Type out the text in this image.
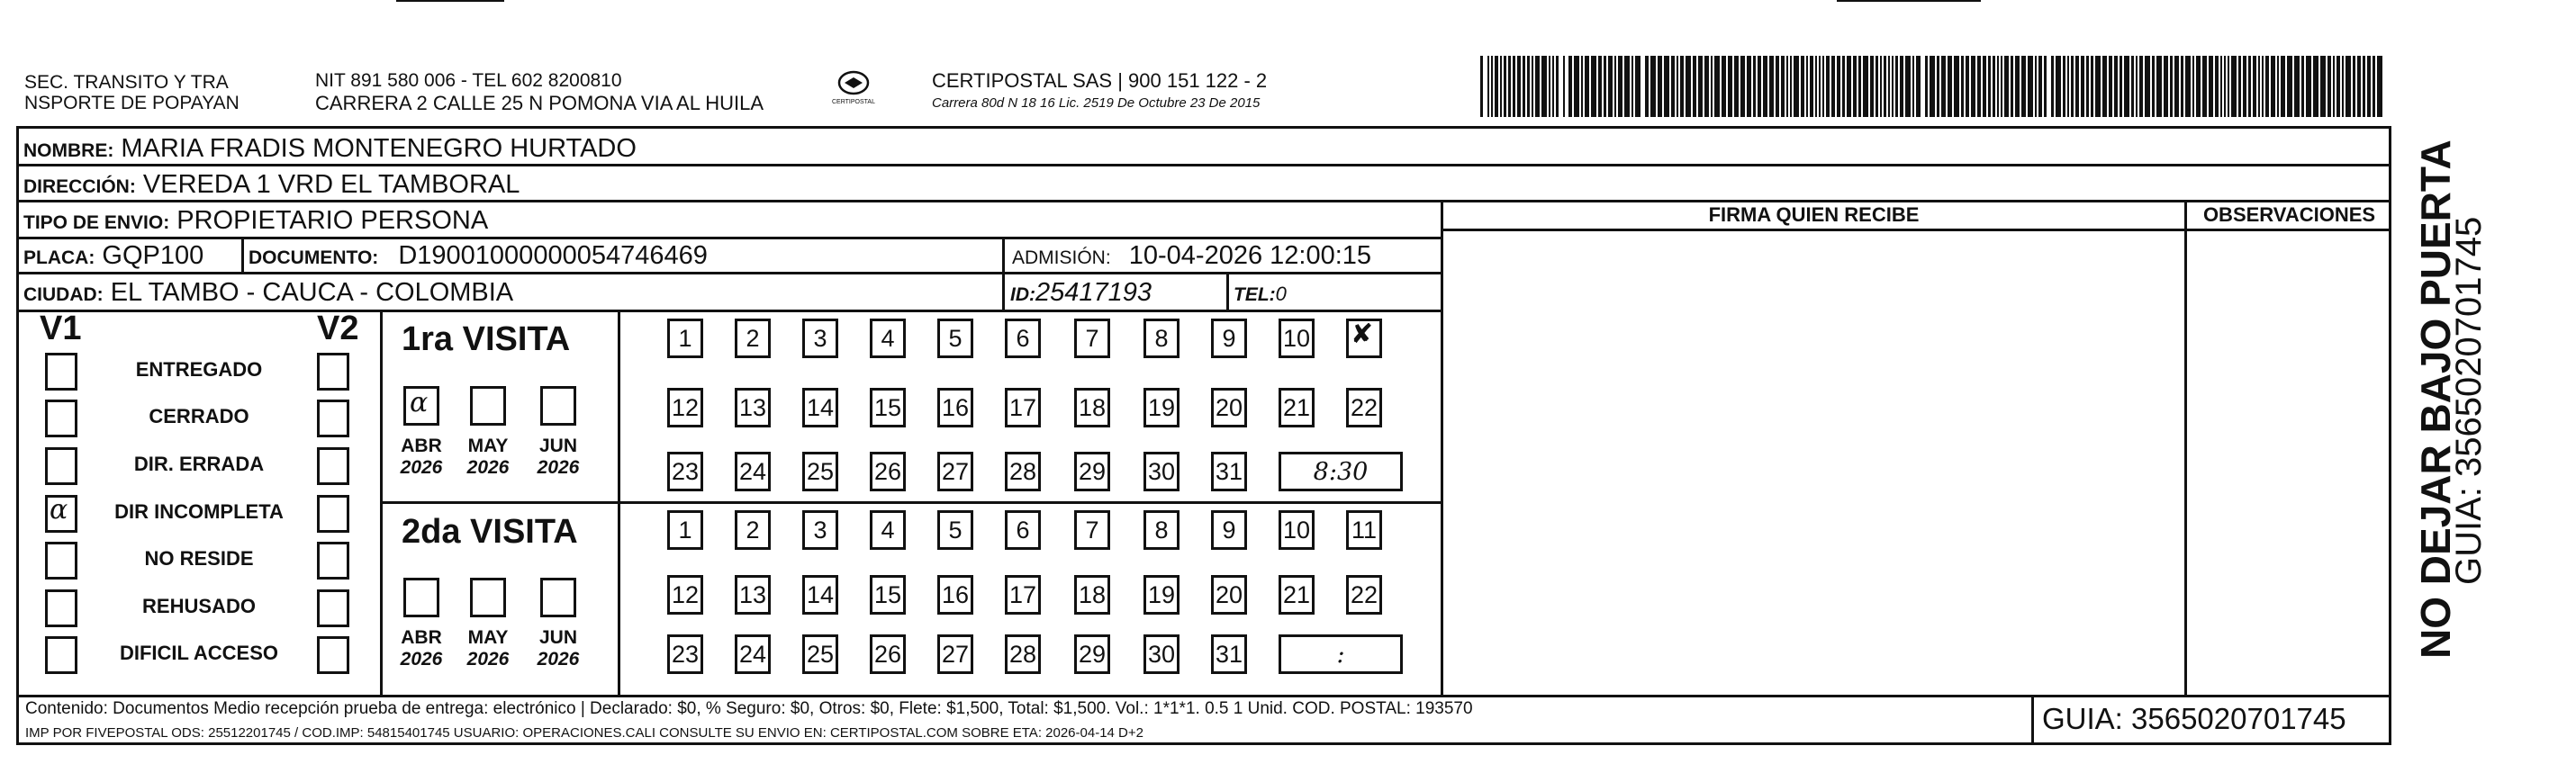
SEC. TRANSITO Y TRA
NSPORTE DE POPAYAN
NIT 891 580 006 - TEL 602 8200810
CARRERA 2 CALLE 25 N POMONA VIA AL HUILA	CERTIPOSTAL
CERTIPOSTAL SAS | 900 151 122 - 2
Carrera 80d N 18 16 Lic. 2519 De Octubre 23 De 2015
FIRMA QUIEN RECIBE	OBSERVACIONES
NOMBRE: MARIA FRADIS MONTENEGRO HURTADO
DIRECCIÓN: VEREDA 1 VRD EL TAMBORAL
TIPO DE ENVIO: PROPIETARIO PERSONA
PLACA: GQP100 DOCUMENTO: D19001000000054746469	ADMISIÓN: 10-04-2026 12:00:15
CIUDAD: EL TAMBO - CAUCA - COLOMBIA	ID:25417193	TEL:0
V1	V2
ENTREGADO
CERRADO
DIR. ERRADA
α	DIR INCOMPLETA
NO RESIDE
REHUSADO
DIFICIL ACCESO
1ra VISITA
α
ABR
2026
MAY
2026
JUN
2026
1	2	3	4	5	6	7	8	9	10 ✘
12 13 14 15 16 17 18 19 20 21 22
23 24 25 26 27 28 29 30 31	8:30
2da VISITA
ABR
2026
MAY
2026
JUN
2026
1	2	3	4	5	6	7	8	9	10 11
12 13 14 15 16 17 18 19 20 21 22
23 24 25 26 27 28 29 30 31	:
Contenido: Documentos Medio recepción prueba de entrega: electrónico | Declarado: $0, % Seguro: $0, Otros: $0, Flete: $1,500, Total: $1,500. Vol.: 1*1*1. 0.5 1 Unid. COD. POSTAL: 193570
IMP POR FIVEPOSTAL ODS: 25512201745 / COD.IMP: 54815401745 USUARIO: OPERACIONES.CALI CONSULTE SU ENVIO EN: CERTIPOSTAL.COM SOBRE ETA: 2026-04-14 D+2	GUIA: 3565020701745
NO DEJAR BAJO PUERTA
GUIA: 3565020701745
